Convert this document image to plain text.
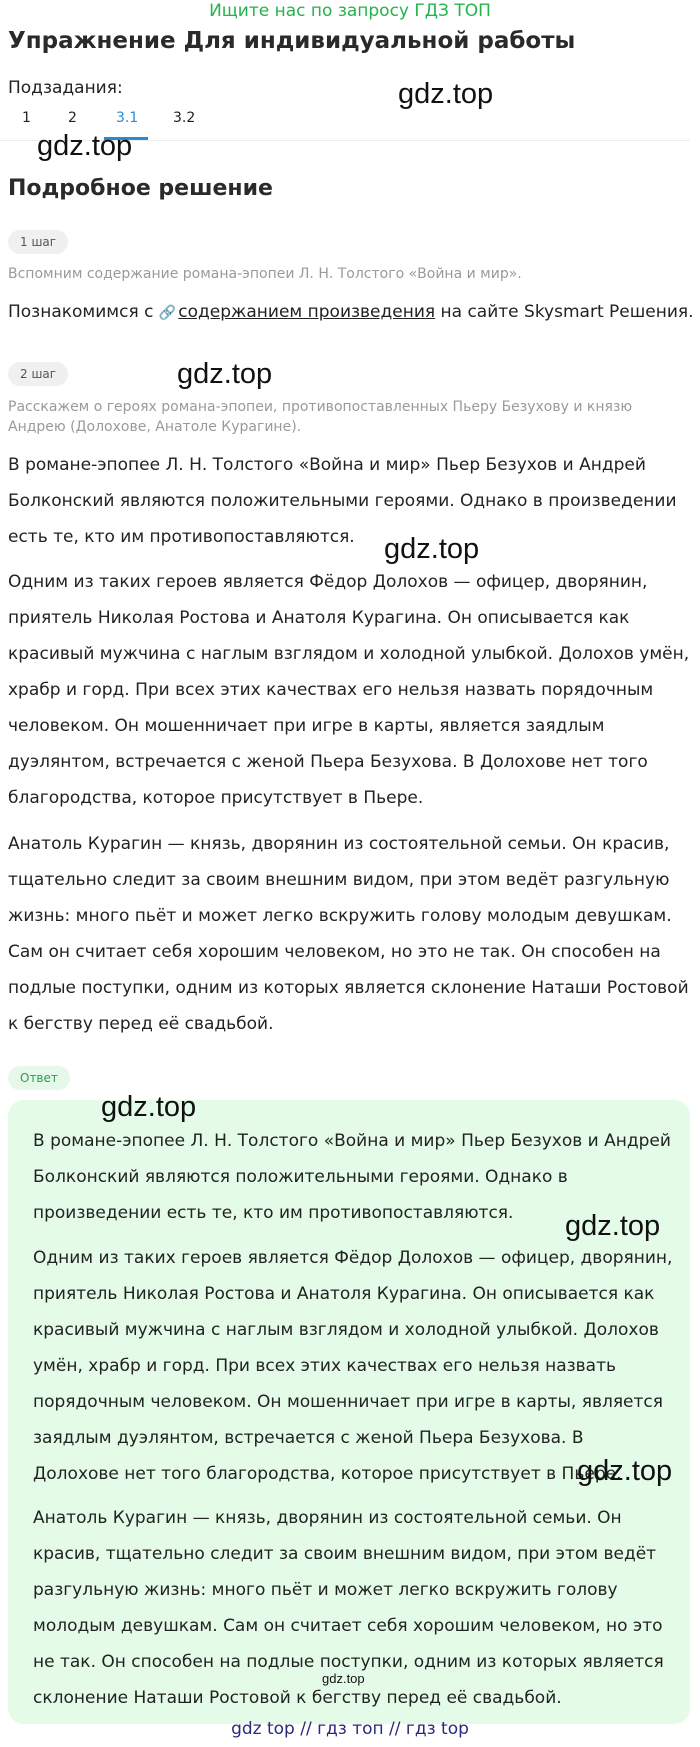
Ищите нас по запросу ГДЗ ТОП
Упражнение Для индивидуальной работы
Подзадания:
1	2	3.1 3.2
gdz.top
gdz.top
Подробное решение
1 шаг
Вспомним содержание романа-эпопеи Л. Н. Толстого «Война и мир».

Познакомимся с 🔗 содержанием произведения на сайте Skysmart Решения.

2 шаг	gdz.top
Расскажем о героях романа-эпопеи, противопоставленных Пьеру Безухову и князю Андрею (Долохове, Анатоле Курагине).

В романе-эпопее Л. Н. Толстого «Война и мир» Пьер Безухов и Андрей Болконский являются положительными героями. Однако в произведении есть те, кто им противопоставляются.	gdz.top

Одним из таких героев является Фёдор Долохов — офицер, дворянин, приятель Николая Ростова и Анатоля Курагина. Он описывается как красивый мужчина с наглым взглядом и холодной улыбкой. Долохов умён, храбр и горд. При всех этих качествах его нельзя назвать порядочным человеком. Он мошенничает при игре в карты, является заядлым дуэлянтом, встречается с женой Пьера Безухова. В Долохове нет того благородства, которое присутствует в Пьере.

Анатоль Курагин — князь, дворянин из состоятельной семьи. Он красив, тщательно следит за своим внешним видом, при этом ведёт разгульную жизнь: много пьёт и может легко вскружить голову молодым девушкам. Сам он считает себя хорошим человеком, но это не так. Он способен на подлые поступки, одним из которых является склонение Наташи Ростовой к бегству перед её свадьбой.

Ответ
gdz.top

В романе-эпопее Л. Н. Толстого «Война и мир» Пьер Безухов и Андрей Болконский являются положительными героями. Однако в произведении есть те, кто им противопоставляются.	gdz.top

Одним из таких героев является Фёдор Долохов — офицер, дворянин, приятель Николая Ростова и Анатоля Курагина. Он описывается как красивый мужчина с наглым взглядом и холодной улыбкой. Долохов умён, храбр и горд. При всех этих качествах его нельзя назвать порядочным человеком. Он мошенничает при игре в карты, является заядлым дуэлянтом, встречается с женой Пьера Безухова. В Долохове нет того благородства, которое присутствует в Пьере.

gdz.top

Анатоль Курагин — князь, дворянин из состоятельной семьи. Он красив, тщательно следит за своим внешним видом, при этом ведёт разгульную жизнь: много пьёт и может легко вскружить голову молодым девушкам. Сам он считает себя хорошим человеком, но это не так. Он способен на подлые поступки, одним из которых является склонение Наташи Ростовой к бегству перед её свадьбой.

gdz.top
gdz top // гдз топ // гдз top
